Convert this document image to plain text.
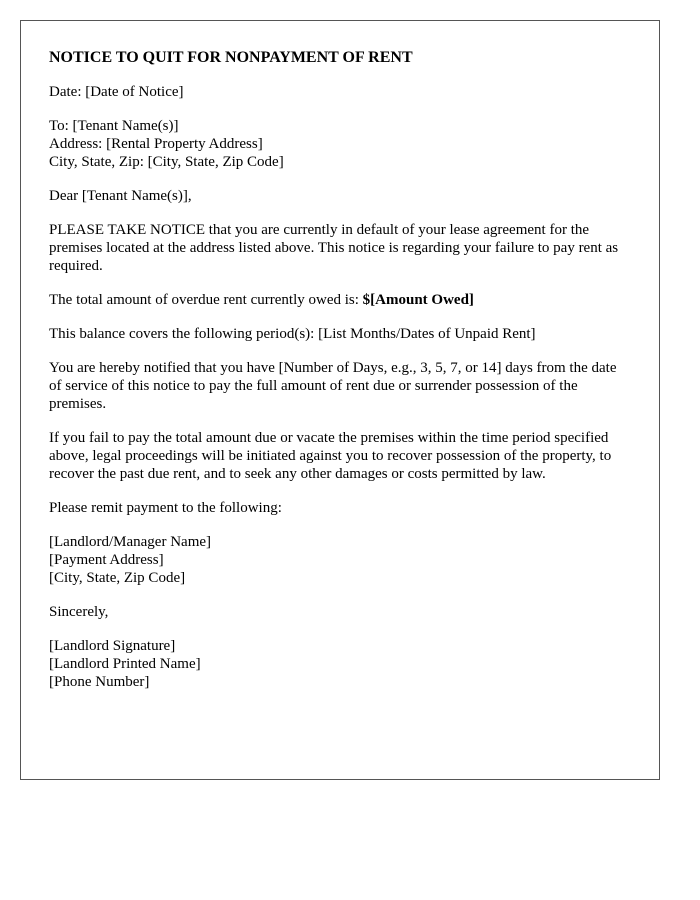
NOTICE TO QUIT FOR NONPAYMENT OF RENT
Date: [Date of Notice]
To: [Tenant Name(s)]
Address: [Rental Property Address]
City, State, Zip: [City, State, Zip Code]
Dear [Tenant Name(s)],
PLEASE TAKE NOTICE that you are currently in default of your lease agreement for the premises located at the address listed above. This notice is regarding your failure to pay rent as required.
The total amount of overdue rent currently owed is: $[Amount Owed]
This balance covers the following period(s): [List Months/Dates of Unpaid Rent]
You are hereby notified that you have [Number of Days, e.g., 3, 5, 7, or 14] days from the date of service of this notice to pay the full amount of rent due or surrender possession of the premises.
If you fail to pay the total amount due or vacate the premises within the time period specified above, legal proceedings will be initiated against you to recover possession of the property, to recover the past due rent, and to seek any other damages or costs permitted by law.
Please remit payment to the following:
[Landlord/Manager Name]
[Payment Address]
[City, State, Zip Code]
Sincerely,
[Landlord Signature]
[Landlord Printed Name]
[Phone Number]
